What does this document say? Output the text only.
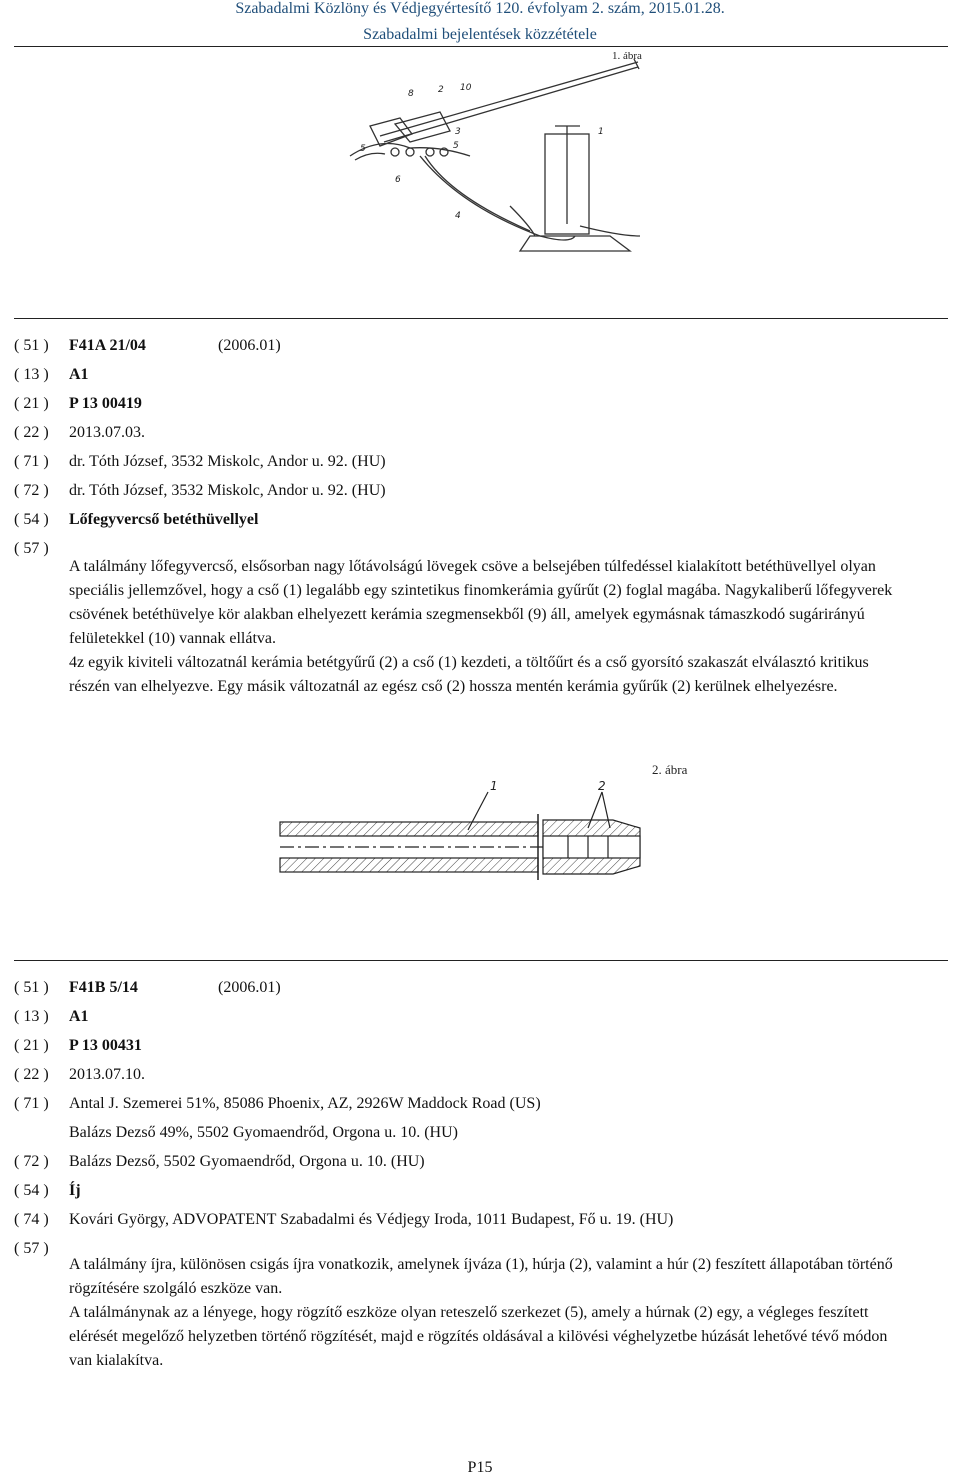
Szabadalmi Közlöny és Védjegyértesítő 120. évfolyam 2. szám, 2015.01.28.
Szabadalmi bejelentések közzététele
1. ábra
8	2 10
3	1
5
5
6
4
( 51 )	F41A 21/04	(2006.01)
( 13 )	A1
( 21 )	P 13 00419
( 22 )	2013.07.03.
( 71 )	dr. Tóth József, 3532 Miskolc, Andor u. 92. (HU)
( 72 )	dr. Tóth József, 3532 Miskolc, Andor u. 92. (HU)
( 54 )	Lőfegyvercső betéthüvellyel
( 57 )

A találmány lőfegyvercső, elsősorban nagy lőtávolságú lövegek csöve a belsejében túlfedéssel kialakított betéthüvellyel olyan speciális jellemzővel, hogy a cső (1) legalább egy szintetikus finomkerámia gyűrűt (2) foglal magába. Nagykaliberű lőfegyverek csövének betéthüvelye kör alakban elhelyezett kerámia szegmensekből (9) áll, amelyek egymásnak támaszkodó sugárirányú felületekkel (10) vannak ellátva.

4z egyik kiviteli változatnál kerámia betétgyűrű (2) a cső (1) kezdeti, a töltőűrt és a cső gyorsító szakaszát elválasztó kritikus részén van elhelyezve. Egy másik változatnál az egész cső (2) hossza mentén kerámia gyűrűk (2) kerülnek elhelyezésre.

2. ábra
1	2
( 51 )	F41B 5/14	(2006.01)
( 13 )	A1
( 21 )	P 13 00431
( 22 )	2013.07.10.
( 71 )	Antal J. Szemerei 51%, 85086 Phoenix, AZ, 2926W Maddock Road (US)
Balázs Dezső 49%, 5502 Gyomaendrőd, Orgona u. 10. (HU)
( 72 )	Balázs Dezső, 5502 Gyomaendrőd, Orgona u. 10. (HU)
( 54 )	Íj
( 74 )	Kovári György, ADVOPATENT Szabadalmi és Védjegy Iroda, 1011 Budapest, Fő u. 19. (HU)
( 57 )

A találmány íjra, különösen csigás íjra vonatkozik, amelynek íjváza (1), húrja (2), valamint a húr (2) feszített állapotában történő rögzítésére szolgáló eszköze van.

A találmánynak az a lényege, hogy rögzítő eszköze olyan reteszelő szerkezet (5), amely a húrnak (2) egy, a végleges feszített elérését megelőző helyzetben történő rögzítését, majd e rögzítés oldásával a kilövési véghelyzetbe húzását lehetővé tévő módon van kialakítva.

P15
